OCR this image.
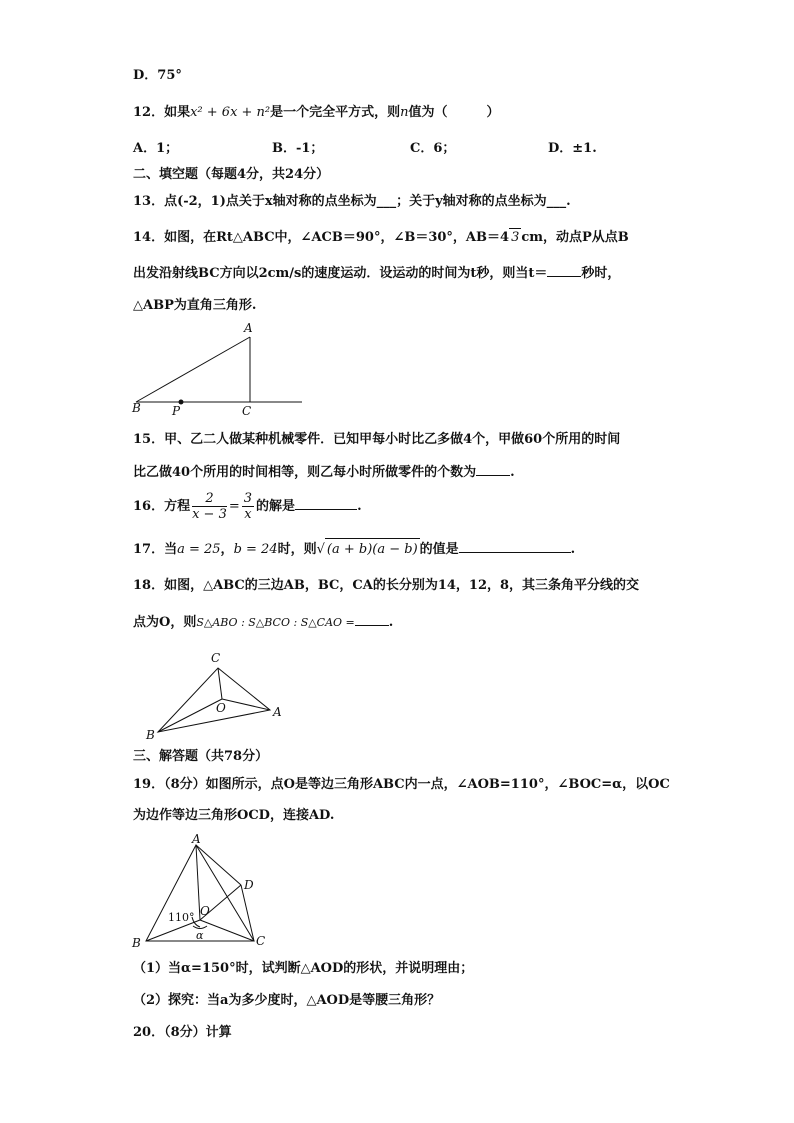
D．75°
12．如果x² + 6x + n²是一个完全平方式，则n值为（　　　）
A．1；	B．-1；	C．6；	D．±1.
二、填空题（每题4分，共24分）
13．点(-2，1)点关于x轴对称的点坐标为___；关于y轴对称的点坐标为___.
14．如图，在Rt△ABC中，∠ACB＝90°，∠B＝30°，AB＝4 3 cm，动点P从点B
出发沿射线BC方向以2cm/s的速度运动．设运动的时间为t秒，则当t＝	秒时，
△ABP为直角三角形.
A
B	P	C
15．甲、乙二人做某种机械零件．已知甲每小时比乙多做4个，甲做60个所用的时间
比乙做40个所用的时间相等，则乙每小时所做零件的个数为	.
16．方程 $\frac{2}{x - 3} = \frac{3}{x}$ 的解是	.
17．当a = 25，b = 24时，则√ (a + b)(a − b) 的值是	.
18．如图，△ABC的三边AB，BC，CA的长分别为14，12，8，其三条角平分线的交
点为O，则S△ABO : S△BCO : S△CAO =	.
C
A
B
O
三、解答题（共78分）
19．（8分）如图所示，点O是等边三角形ABC内一点，∠AOB=110°，∠BOC=α，以OC
为边作等边三角形OCD，连接AD.
A
B	C
D
O
110°
α
（1）当α=150°时，试判断△AOD的形状，并说明理由；
（2）探究：当a为多少度时，△AOD是等腰三角形？
20．（8分）计算
